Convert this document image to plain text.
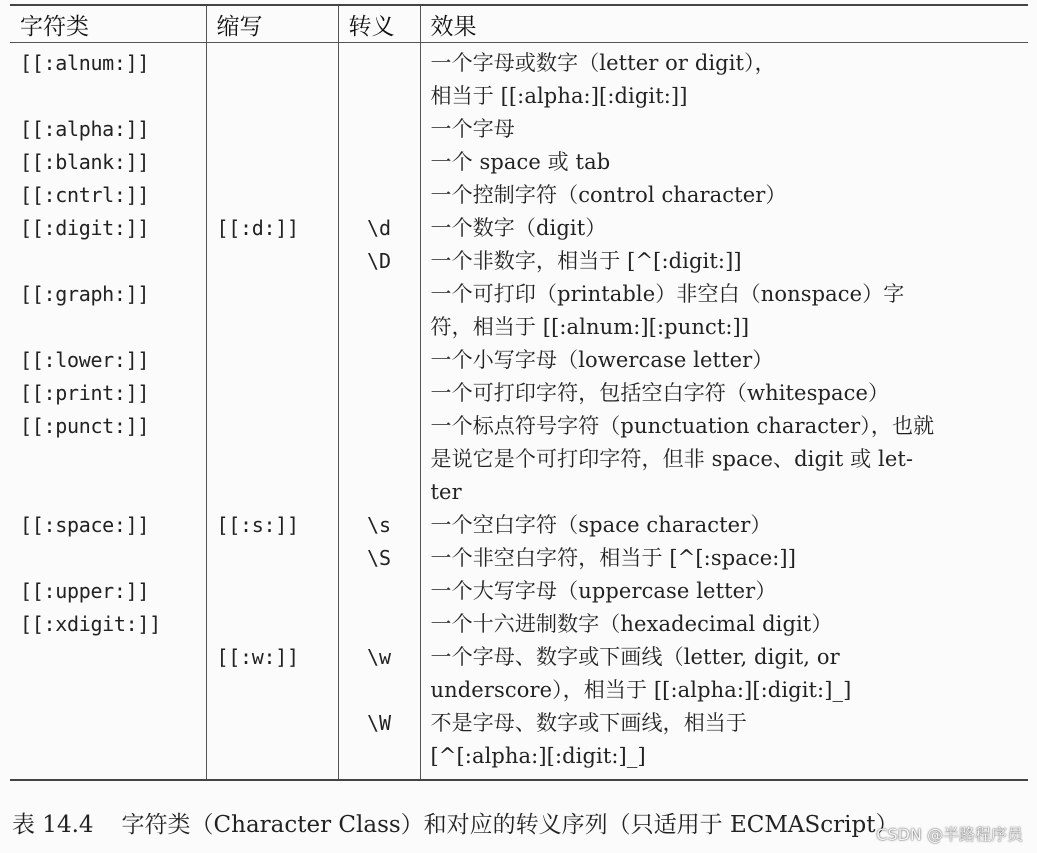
字符类	缩写	转义	效果
[[:alnum:]]			一个字母或数字（letter or digit），
相当于 [[:alpha:][:digit:]]
[[:alpha:]]			一个字母
[[:blank:]]			一个 space 或 tab
[[:cntrl:]]			一个控制字符（control character）
[[:digit:]]	[[:d:]]	\d	一个数字（digit）
		\D	一个非数字，相当于 [^[:digit:]]
[[:graph:]]			一个可打印（printable）非空白（nonspace）字
符，相当于 [[:alnum:][:punct:]]
[[:lower:]]			一个小写字母（lowercase letter）
[[:print:]]			一个可打印字符，包括空白字符（whitespace）
[[:punct:]]			一个标点符号字符（punctuation character），也就
是说它是个可打印字符，但非 space、digit 或 let-
ter
[[:space:]]	[[:s:]]	\s	一个空白字符（space character）
		\S	一个非空白字符，相当于 [^[:space:]]
[[:upper:]]			一个大写字母（uppercase letter）
[[:xdigit:]]			一个十六进制数字（hexadecimal digit）
	[[:w:]]	\w	一个字母、数字或下画线（letter, digit, or
underscore），相当于 [[:alpha:][:digit:]_]
		\W	不是字母、数字或下画线，相当于
[^[:alpha:][:digit:]_]
表 14.4 字符类（Character Class）和对应的转义序列（只适用于 ECMAScript）
CSDN @半路程序员
